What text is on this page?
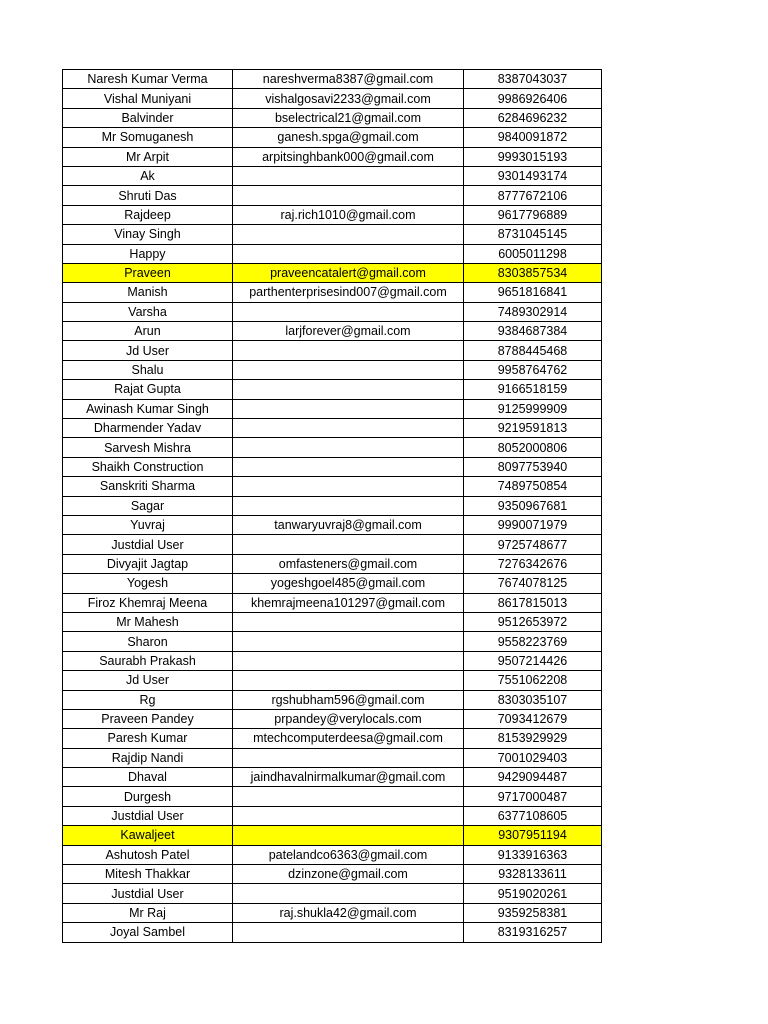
Naresh Kumar Verma	nareshverma8387@gmail.com	8387043037
Vishal Muniyani	vishalgosavi2233@gmail.com	9986926406
Balvinder	bselectrical21@gmail.com	6284696232
Mr Somuganesh	ganesh.spga@gmail.com	9840091872
Mr Arpit	arpitsinghbank000@gmail.com	9993015193
Ak		9301493174
Shruti Das		8777672106
Rajdeep	raj.rich1010@gmail.com	9617796889
Vinay Singh		8731045145
Happy		6005011298
Praveen	praveencatalert@gmail.com	8303857534
Manish	parthenterprisesind007@gmail.com	9651816841
Varsha		7489302914
Arun	larjforever@gmail.com	9384687384
Jd User		8788445468
Shalu		9958764762
Rajat Gupta		9166518159
Awinash Kumar Singh		9125999909
Dharmender Yadav		9219591813
Sarvesh Mishra		8052000806
Shaikh Construction		8097753940
Sanskriti Sharma		7489750854
Sagar		9350967681
Yuvraj	tanwaryuvraj8@gmail.com	9990071979
Justdial User		9725748677
Divyajit Jagtap	omfasteners@gmail.com	7276342676
Yogesh	yogeshgoel485@gmail.com	7674078125
Firoz Khemraj Meena	khemrajmeena101297@gmail.com	8617815013
Mr Mahesh		9512653972
Sharon		9558223769
Saurabh Prakash		9507214426
Jd User		7551062208
Rg	rgshubham596@gmail.com	8303035107
Praveen Pandey	prpandey@verylocals.com	7093412679
Paresh Kumar	mtechcomputerdeesa@gmail.com	8153929929
Rajdip Nandi		7001029403
Dhaval	jaindhavalnirmalkumar@gmail.com	9429094487
Durgesh		9717000487
Justdial User		6377108605
Kawaljeet		9307951194
Ashutosh Patel	patelandco6363@gmail.com	9133916363
Mitesh Thakkar	dzinzone@gmail.com	9328133611
Justdial User		9519020261
Mr Raj	raj.shukla42@gmail.com	9359258381
Joyal Sambel		8319316257
